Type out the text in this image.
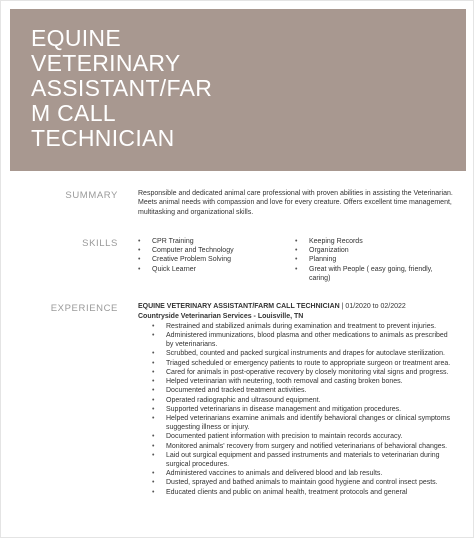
EQUINE
VETERINARY
ASSISTANT/FAR
M CALL
TECHNICIAN
SUMMARY	Responsible and dedicated animal care professional with proven abilities in assisting the Veterinarian. Meets animal needs with compassion and love for every creature. Offers excellent time management, multitasking and organizational skills.
SKILLS
•	CPR Training
• Computer and Technology
• Creative Problem Solving
• Quick Learner
• Keeping Records
• Organization
• Planning
• Great with People ( easy going, friendly, caring)
EXPERIENCE	EQUINE VETERINARY ASSISTANT/FARM CALL TECHNICIAN | 01/2020 to 02/2022
Countryside Veterinarian Services - Louisville, TN
• Restrained and stabilized animals during examination and treatment to prevent injuries.
• Administered immunizations, blood plasma and other medications to animals as prescribed by veterinarians.
• Scrubbed, counted and packed surgical instruments and drapes for autoclave sterilization.
• Triaged scheduled or emergency patients to route to appropriate surgeon or treatment area.
• Cared for animals in post-operative recovery by closely monitoring vital signs and progress.
• Helped veterinarian with neutering, tooth removal and casting broken bones.
• Documented and tracked treatment activities.
• Operated radiographic and ultrasound equipment.
• Supported veterinarians in disease management and mitigation procedures.
• Helped veterinarians examine animals and identify behavioral changes or clinical symptoms suggesting illness or injury.
• Documented patient information with precision to maintain records accuracy.
• Monitored animals' recovery from surgery and notified veterinarians of behavioral changes.
• Laid out surgical equipment and passed instruments and materials to veterinarian during surgical procedures.
• Administered vaccines to animals and delivered blood and lab results.
• Dusted, sprayed and bathed animals to maintain good hygiene and control insect pests.
• Educated clients and public on animal health, treatment protocols and general
